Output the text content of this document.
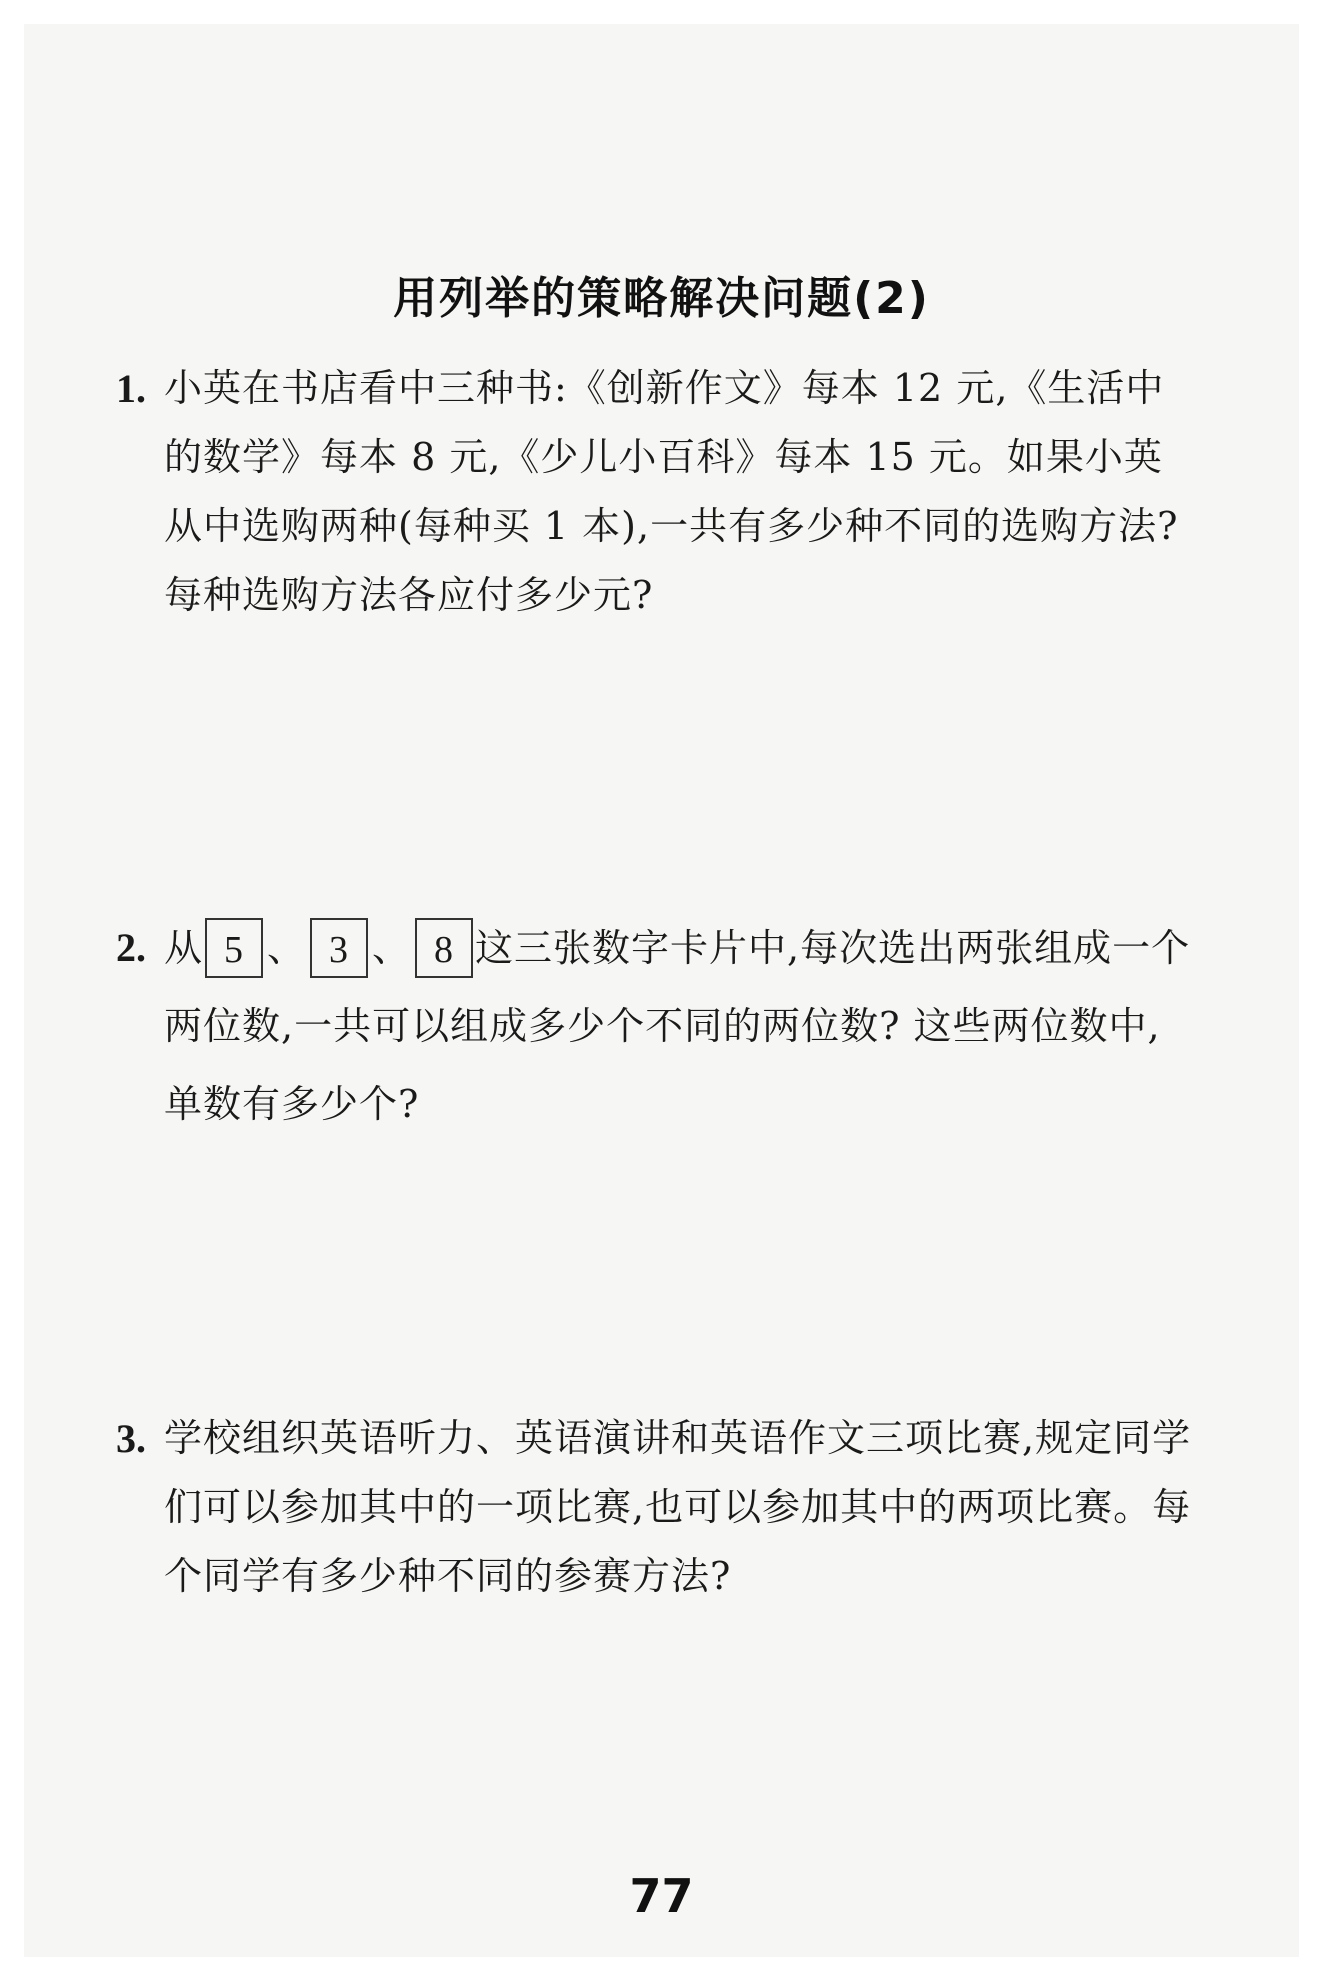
用列举的策略解决问题(2)
1. 小英在书店看中三种书:《创新作文》每本 12 元,《生活中的数学》每本 8 元,《少儿小百科》每本 15 元。如果小英从中选购两种(每种买 1 本),一共有多少种不同的选购方法? 每种选购方法各应付多少元?
2. 从 5 、 3 、 8 这三张数字卡片中,每次选出两张组成一个两位数,一共可以组成多少个不同的两位数? 这些两位数中,单数有多少个?
3. 学校组织英语听力、英语演讲和英语作文三项比赛,规定同学们可以参加其中的一项比赛,也可以参加其中的两项比赛。每个同学有多少种不同的参赛方法?
77
